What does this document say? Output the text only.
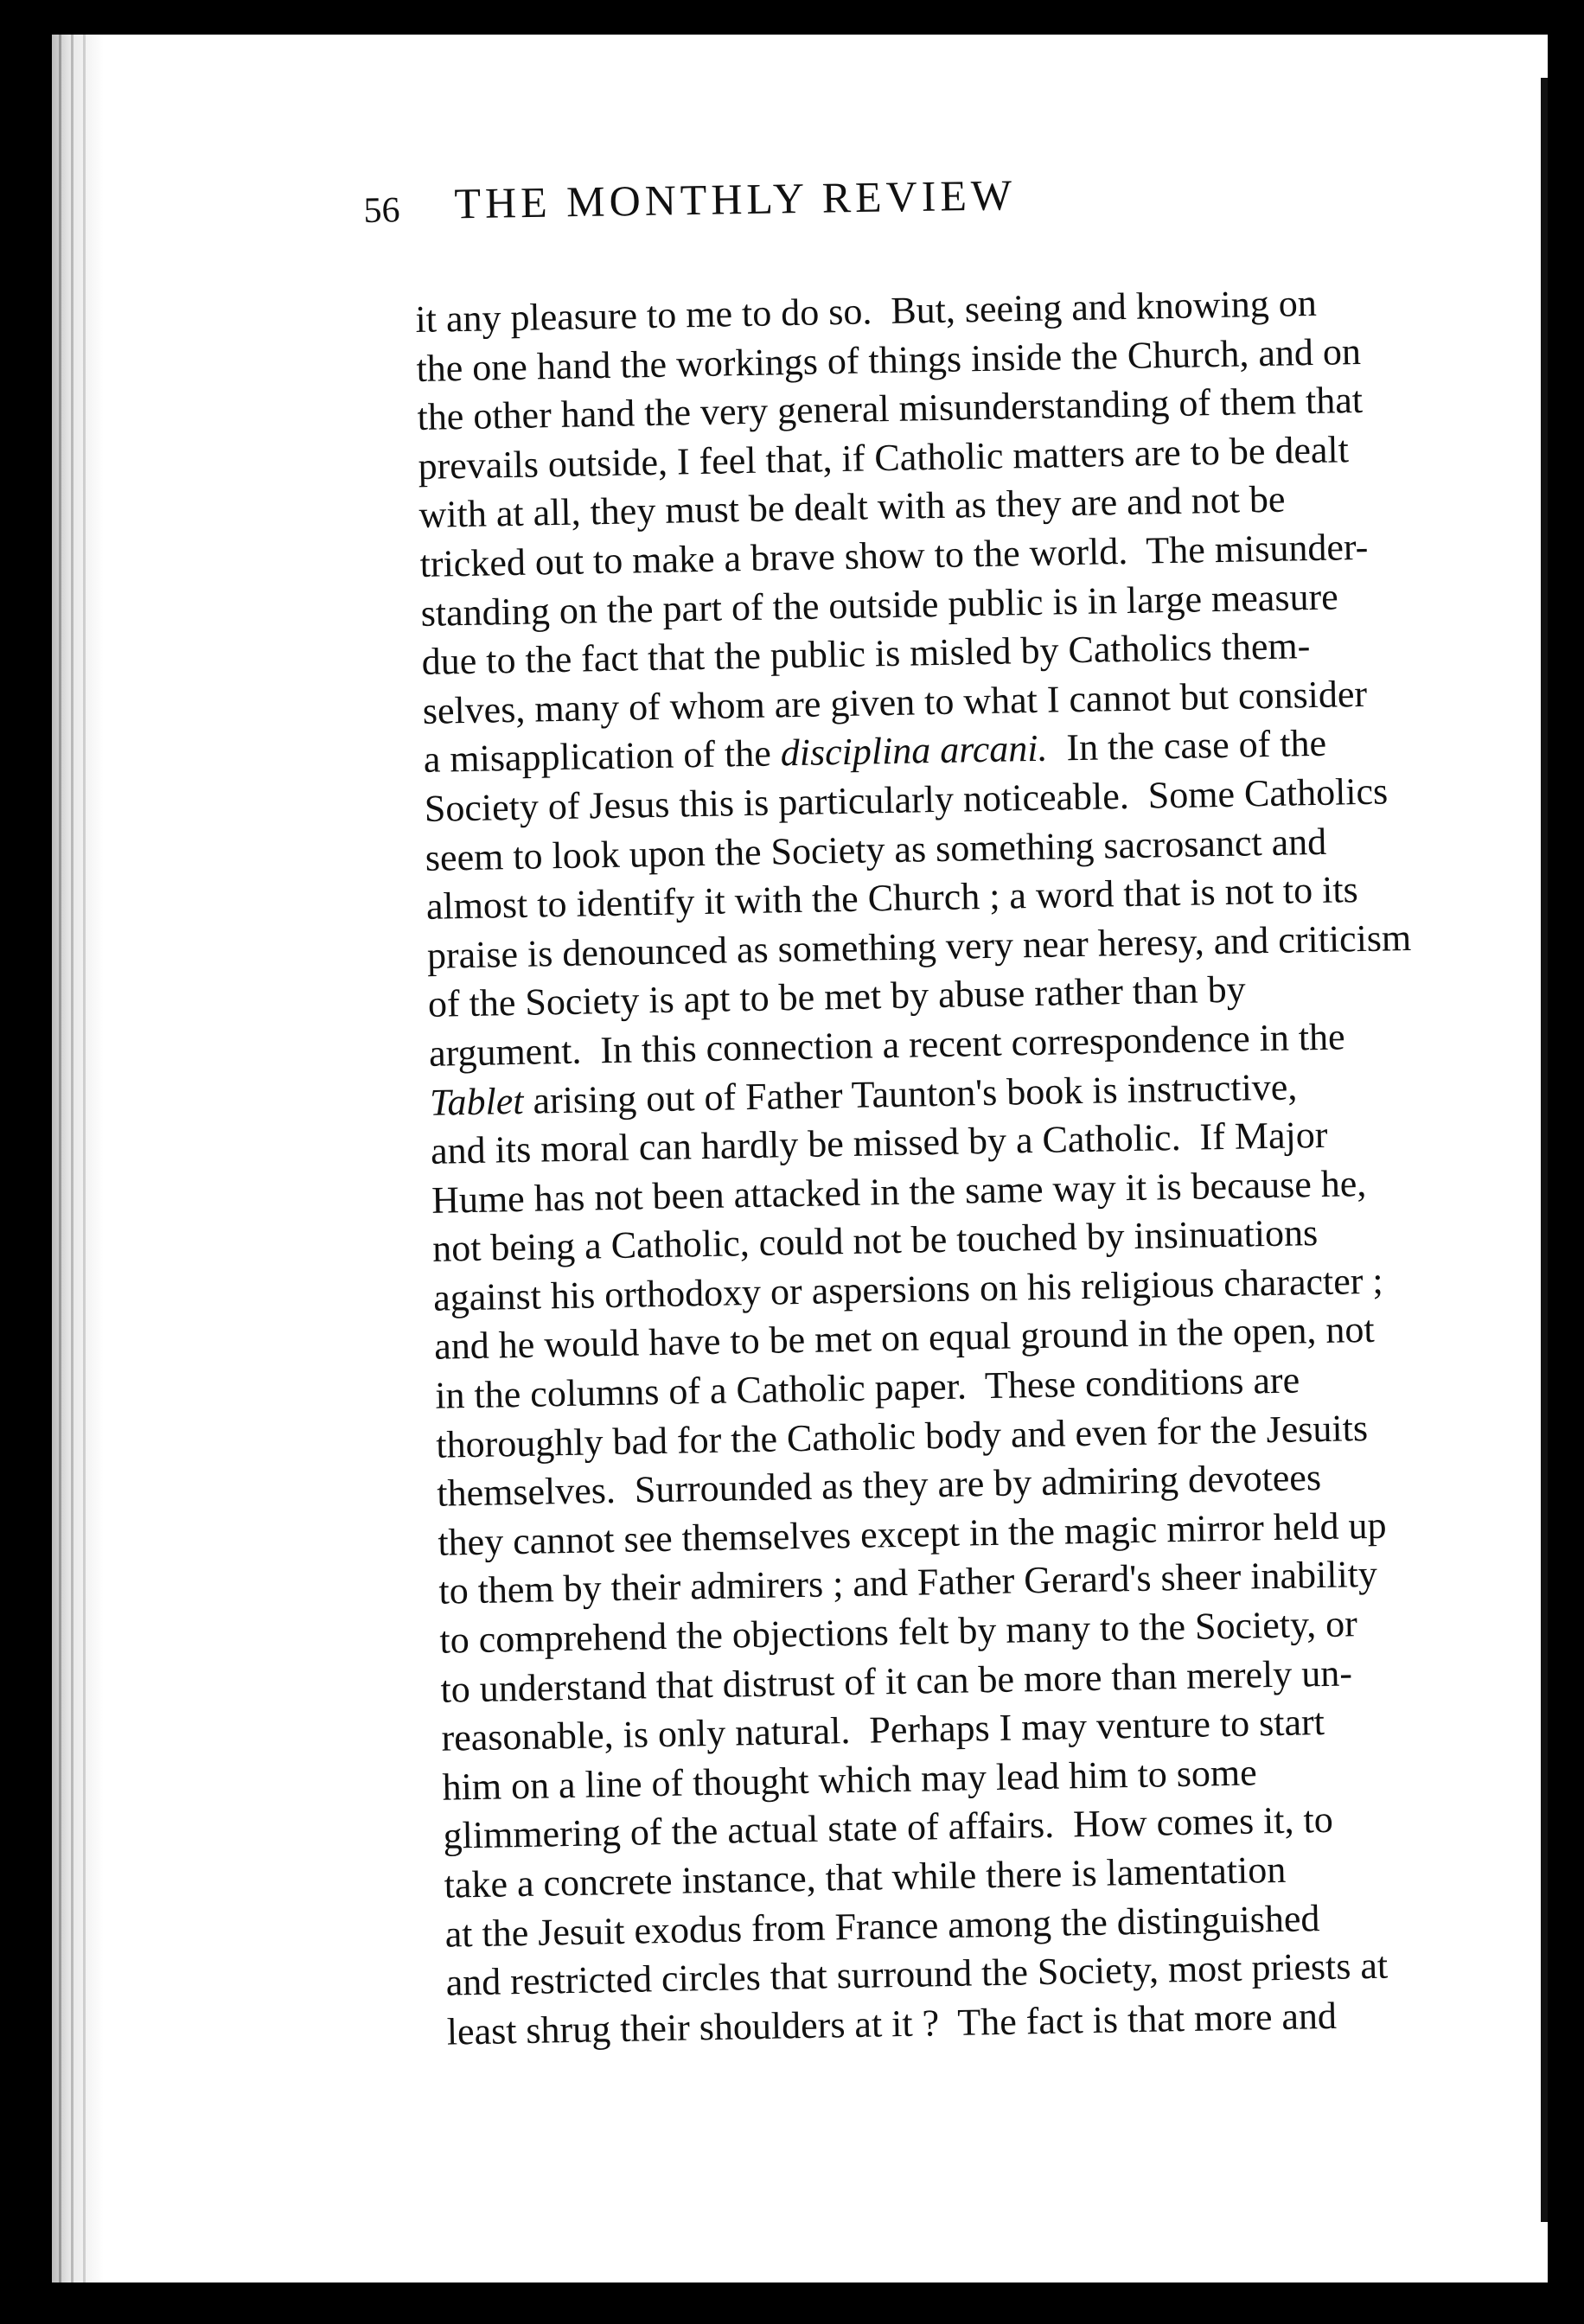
56 THE MONTHLY REVIEW
it any pleasure to me to do so.  But, seeing and knowing on
the one hand the workings of things inside the Church, and on
the other hand the very general misunderstanding of them that
prevails outside, I feel that, if Catholic matters are to be dealt
with at all, they must be dealt with as they are and not be
tricked out to make a brave show to the world.  The misunder-
standing on the part of the outside public is in large measure
due to the fact that the public is misled by Catholics them-
selves, many of whom are given to what I cannot but consider
a misapplication of the disciplina arcani.  In the case of the
Society of Jesus this is particularly noticeable.  Some Catholics
seem to look upon the Society as something sacrosanct and
almost to identify it with the Church ; a word that is not to its
praise is denounced as something very near heresy, and criticism
of the Society is apt to be met by abuse rather than by
argument.  In this connection a recent correspondence in the
Tablet arising out of Father Taunton's book is instructive,
and its moral can hardly be missed by a Catholic.  If Major
Hume has not been attacked in the same way it is because he,
not being a Catholic, could not be touched by insinuations
against his orthodoxy or aspersions on his religious character ;
and he would have to be met on equal ground in the open, not
in the columns of a Catholic paper.  These conditions are
thoroughly bad for the Catholic body and even for the Jesuits
themselves.  Surrounded as they are by admiring devotees
they cannot see themselves except in the magic mirror held up
to them by their admirers ; and Father Gerard's sheer inability
to comprehend the objections felt by many to the Society, or
to understand that distrust of it can be more than merely un-
reasonable, is only natural.  Perhaps I may venture to start
him on a line of thought which may lead him to some
glimmering of the actual state of affairs.  How comes it, to
take a concrete instance, that while there is lamentation
at the Jesuit exodus from France among the distinguished
and restricted circles that surround the Society, most priests at
least shrug their shoulders at it ?  The fact is that more and
